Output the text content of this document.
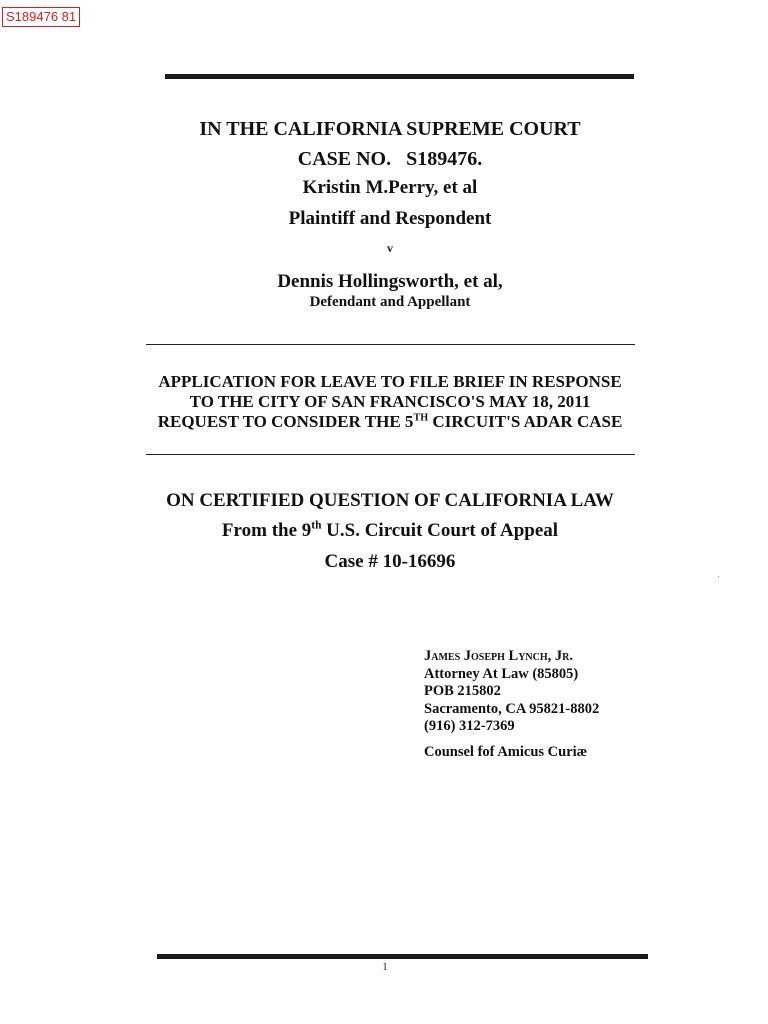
S189476 81
IN THE CALIFORNIA SUPREME COURT
CASE NO.   S189476.
Kristin M.Perry, et al
Plaintiff and Respondent
v
Dennis Hollingsworth, et al,
Defendant and Appellant
APPLICATION FOR LEAVE TO FILE BRIEF IN RESPONSE
TO THE CITY OF SAN FRANCISCO'S MAY 18, 2011
REQUEST TO CONSIDER THE 5TH CIRCUIT'S ADAR CASE
ON CERTIFIED QUESTION OF CALIFORNIA LAW
From the 9th U.S. Circuit Court of Appeal
Case # 10-16696
James Joseph Lynch, Jr.
Attorney At Law (85805)
POB 215802
Sacramento, CA 95821-8802
(916) 312-7369
Counsel fof Amicus Curiæ
1
